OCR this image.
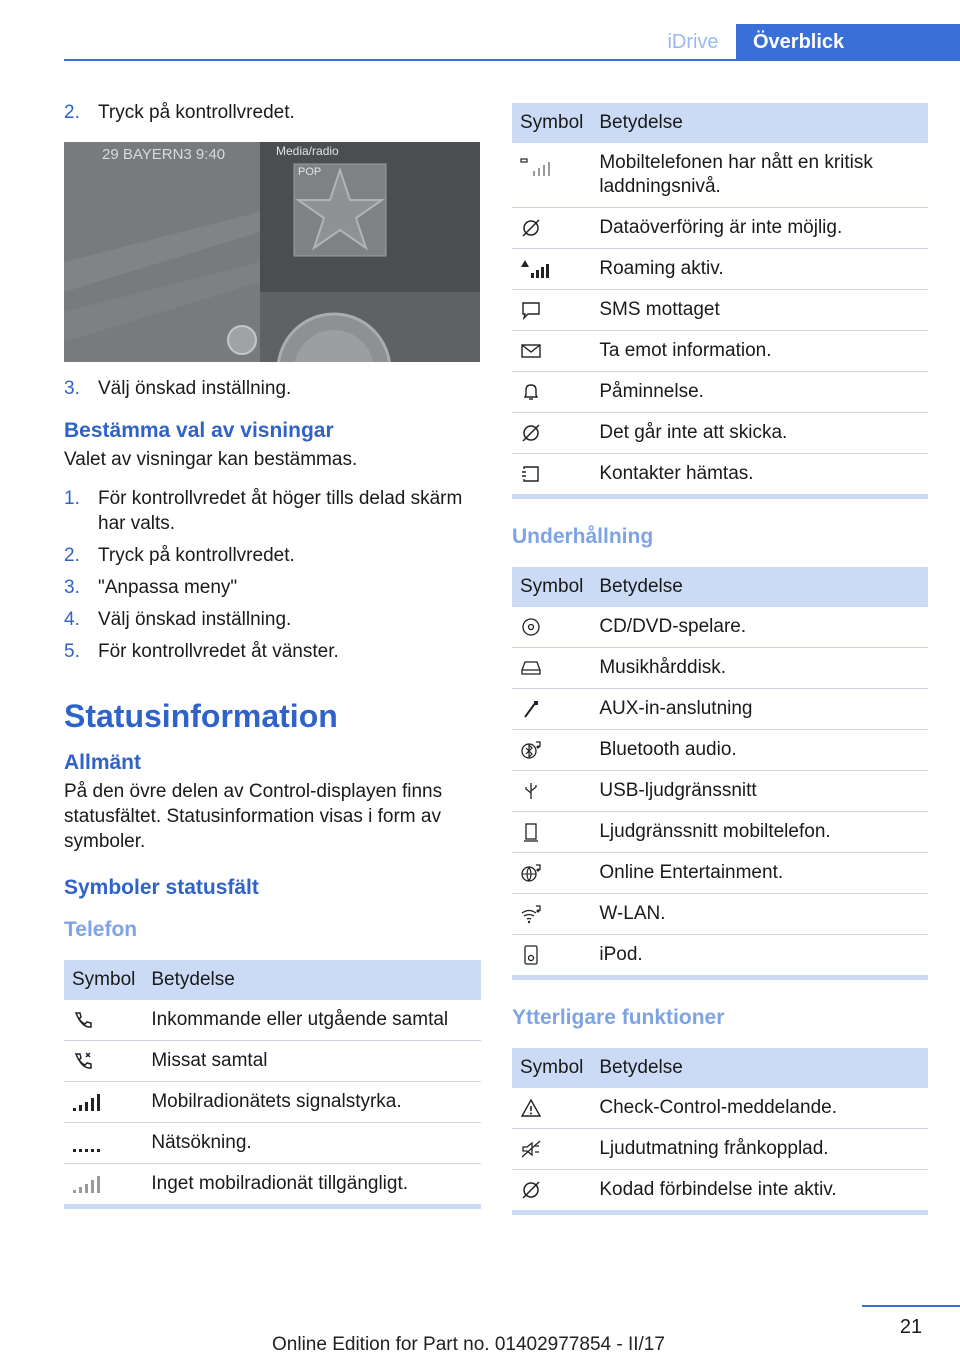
iDrive	Överblick
2. Tryck på kontrollvredet.
29 BAYERN3 9:40	Media/radio
POP
3. Välj önskad inställning.
Bestämma val av visningar
Valet av visningar kan bestämmas.
1. För kontrollvredet åt höger tills delad skärm har valts.
2. Tryck på kontrollvredet.
3. "Anpassa meny"
4. Välj önskad inställning.
5. För kontrollvredet åt vänster.
Statusinformation
Allmänt
På den övre delen av Control-displayen finns statusfältet. Statusinformation visas i form av symboler.
Symboler statusfält
Telefon
Symbol	Betydelse
	Inkommande eller utgående samtal
	Missat samtal
	Mobilradionätets signalstyrka.
	Nätsökning.
	Inget mobilradionät tillgängligt.
Symbol	Betydelse
	Mobiltelefonen har nått en kritisk laddningsnivå.
	Dataöverföring är inte möjlig.
	Roaming aktiv.
	SMS mottaget
	Ta emot information.
	Påminnelse.
	Det går inte att skicka.
	Kontakter hämtas.
Underhållning
Symbol	Betydelse
	CD/DVD-spelare.
	Musikhårddisk.
	AUX-in-anslutning
	Bluetooth audio.
	USB-ljudgränssnitt
	Ljudgränssnitt mobiltelefon.
	Online Entertainment.
	W-LAN.
	iPod.
Ytterligare funktioner
Symbol	Betydelse
	Check-Control-meddelande.
	Ljudutmatning frånkopplad.
	Kodad förbindelse inte aktiv.
21
Online Edition for Part no. 01402977854 - II/17
